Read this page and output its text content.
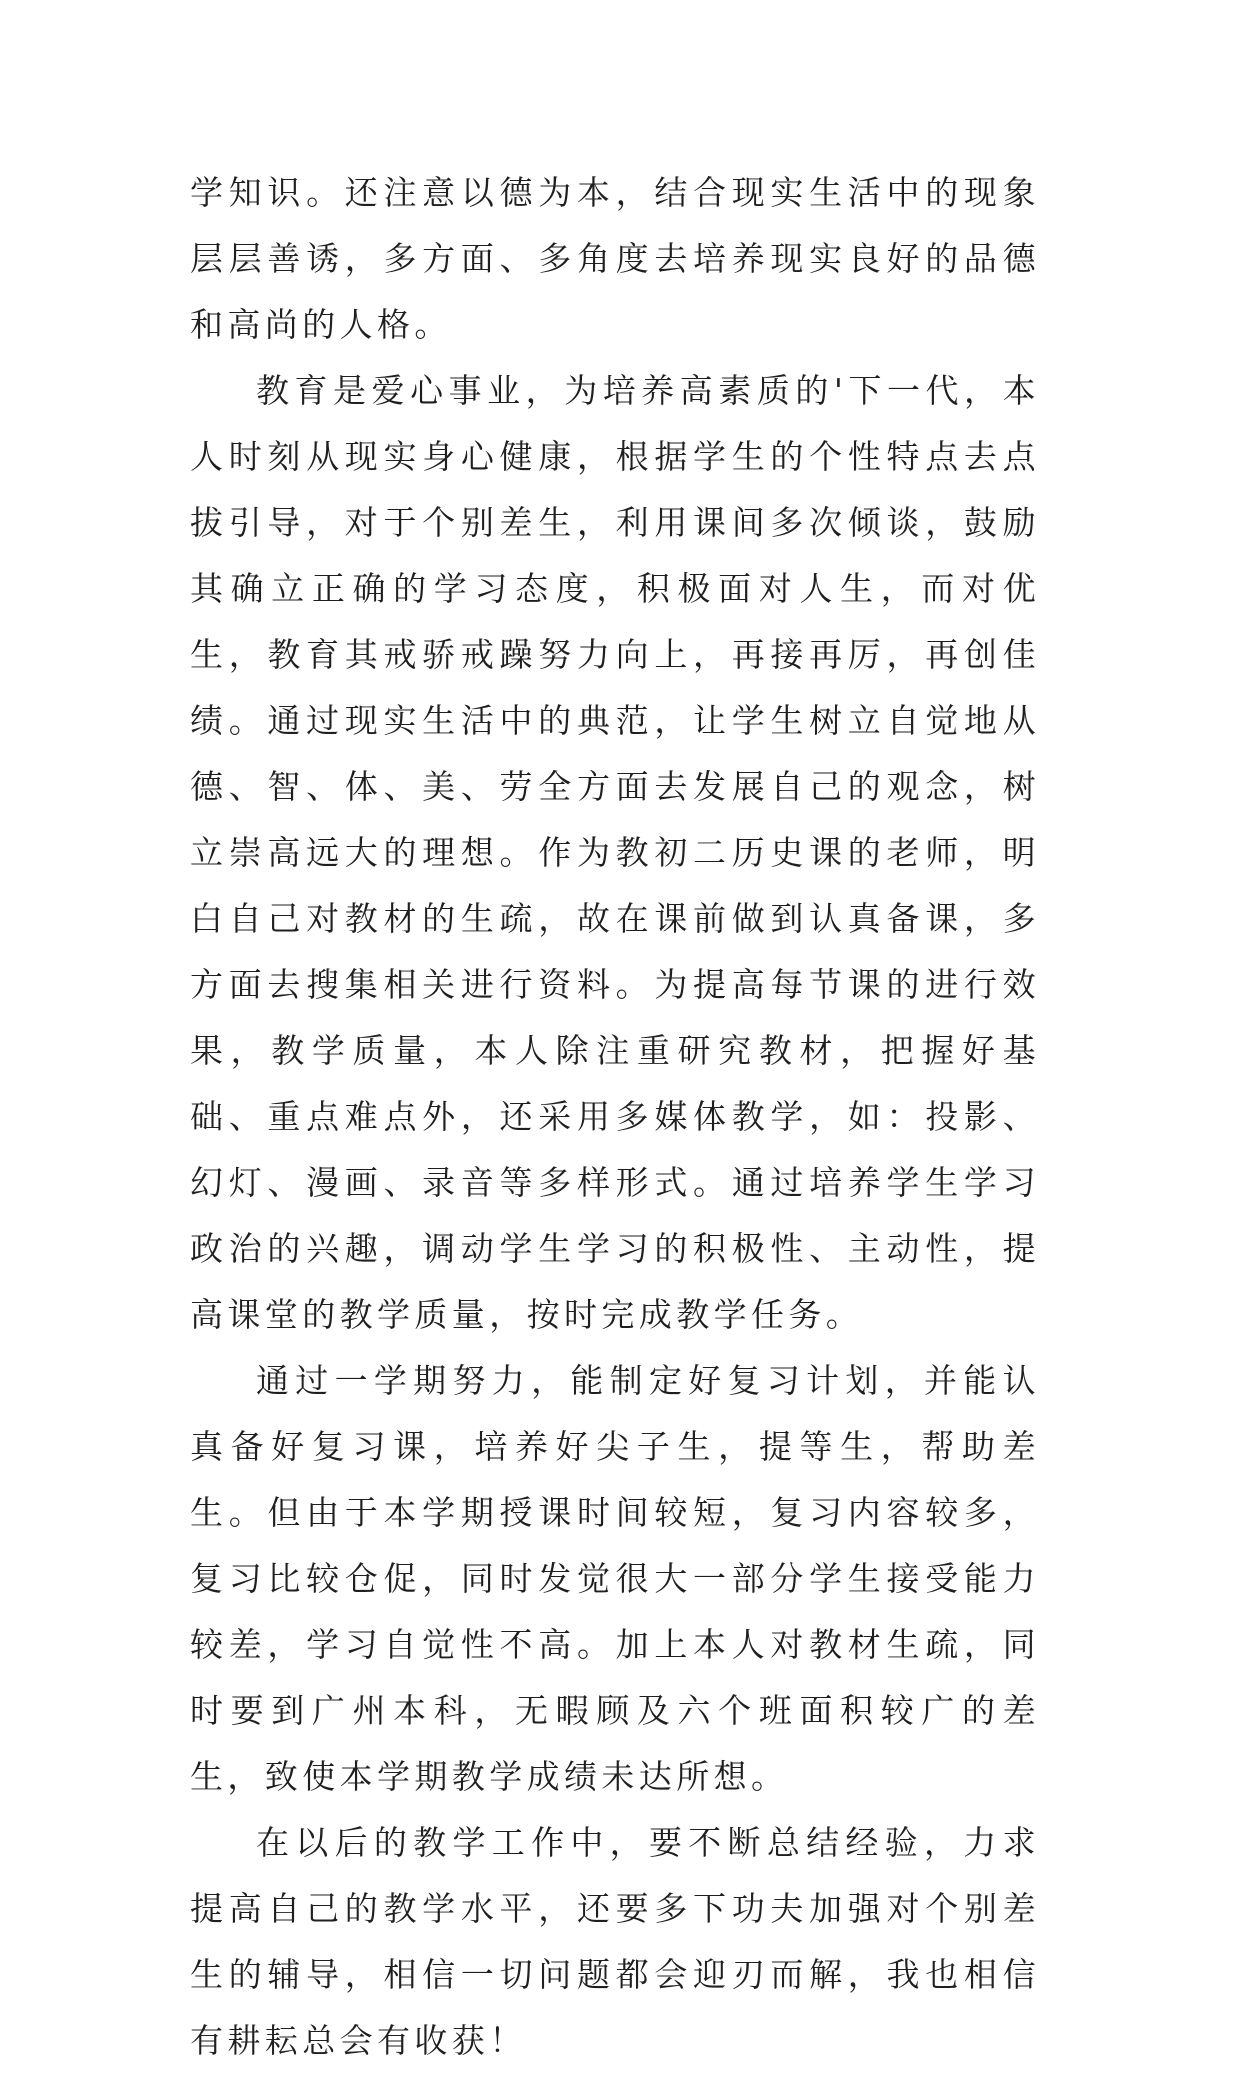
学知识。还注意以德为本，结合现实生活中的现象层层善诱，多方面、多角度去培养现实良好的品德和高尚的人格。

教育是爱心事业，为培养高素质的'下一代，本人时刻从现实身心健康，根据学生的个性特点去点拔引导，对于个别差生，利用课间多次倾谈，鼓励其确立正确的学习态度，积极面对人生，而对优生，教育其戒骄戒躁努力向上，再接再厉，再创佳绩。通过现实生活中的典范，让学生树立自觉地从德、智、体、美、劳全方面去发展自己的观念，树立崇高远大的理想。作为教初二历史课的老师，明白自己对教材的生疏，故在课前做到认真备课，多方面去搜集相关进行资料。为提高每节课的进行效果，教学质量，本人除注重研究教材，把握好基础、重点难点外，还采用多媒体教学，如：投影、幻灯、漫画、录音等多样形式。通过培养学生学习政治的兴趣，调动学生学习的积极性、主动性，提高课堂的教学质量，按时完成教学任务。

通过一学期努力，能制定好复习计划，并能认真备好复习课，培养好尖子生，提等生，帮助差生。但由于本学期授课时间较短，复习内容较多，复习比较仓促，同时发觉很大一部分学生接受能力较差，学习自觉性不高。加上本人对教材生疏，同时要到广州本科，无暇顾及六个班面积较广的差生，致使本学期教学成绩未达所想。

在以后的教学工作中，要不断总结经验，力求提高自己的教学水平，还要多下功夫加强对个别差生的辅导，相信一切问题都会迎刃而解，我也相信有耕耘总会有收获！
